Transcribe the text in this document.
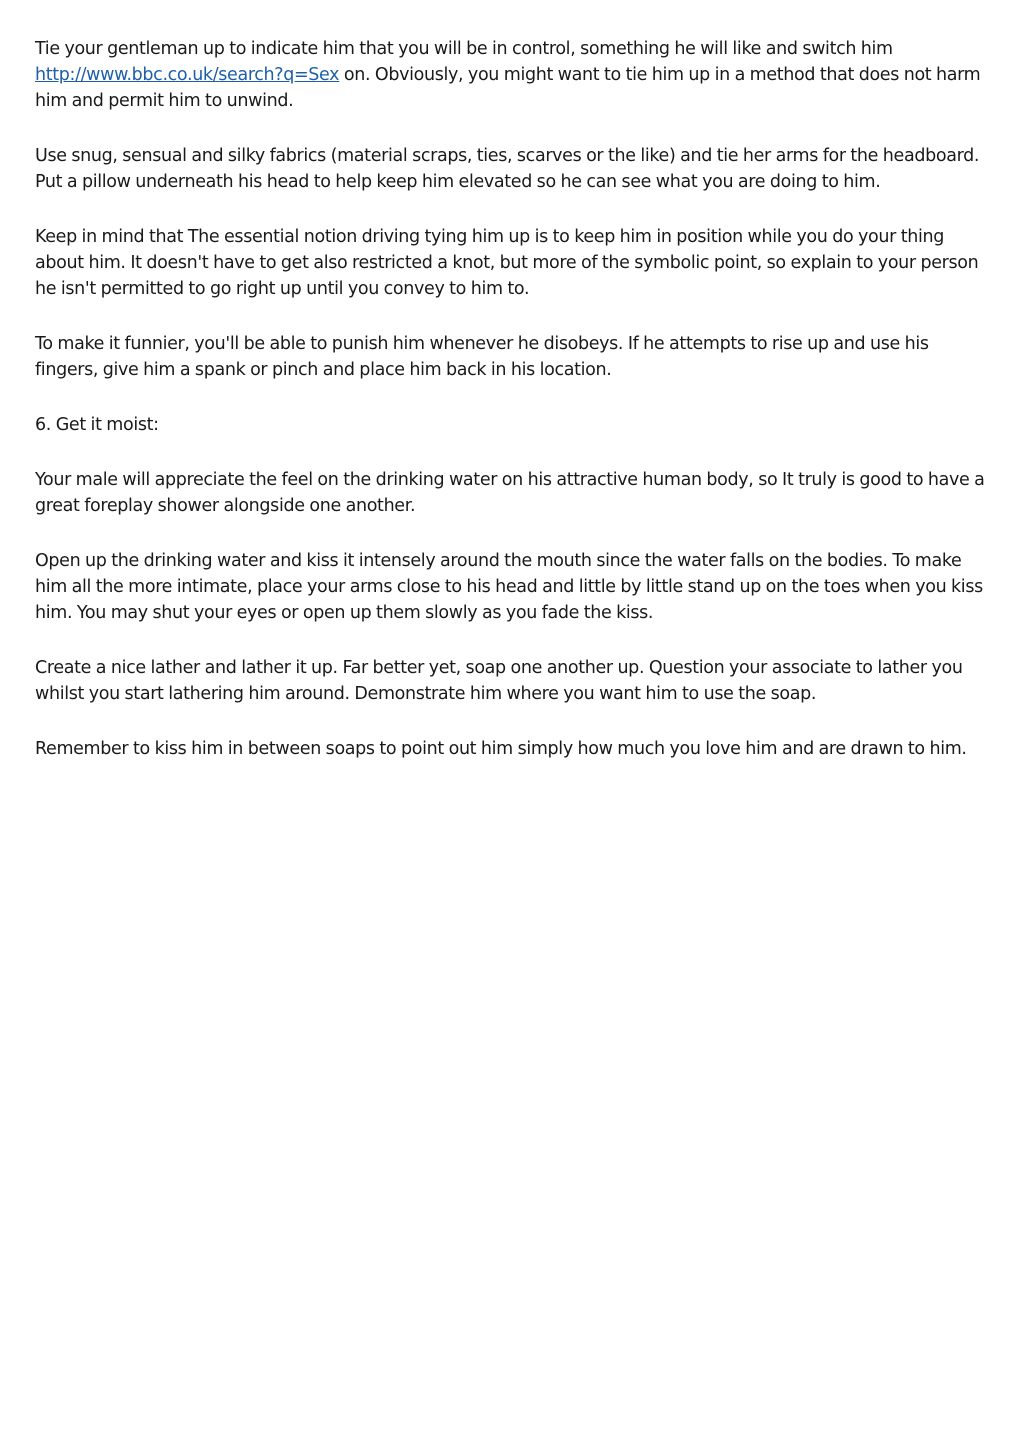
Tie your gentleman up to indicate him that you will be in control, something he will like and switch him http://www.bbc.co.uk/search?q=Sex on. Obviously, you might want to tie him up in a method that does not harm him and permit him to unwind.

Use snug, sensual and silky fabrics (material scraps, ties, scarves or the like) and tie her arms for the headboard. Put a pillow underneath his head to help keep him elevated so he can see what you are doing to him.

Keep in mind that The essential notion driving tying him up is to keep him in position while you do your thing about him. It doesn't have to get also restricted a knot, but more of the symbolic point, so explain to your person he isn't permitted to go right up until you convey to him to.

To make it funnier, you'll be able to punish him whenever he disobeys. If he attempts to rise up and use his fingers, give him a spank or pinch and place him back in his location.

6. Get it moist:

Your male will appreciate the feel on the drinking water on his attractive human body, so It truly is good to have a great foreplay shower alongside one another.

Open up the drinking water and kiss it intensely around the mouth since the water falls on the bodies. To make him all the more intimate, place your arms close to his head and little by little stand up on the toes when you kiss him. You may shut your eyes or open up them slowly as you fade the kiss.

Create a nice lather and lather it up. Far better yet, soap one another up. Question your associate to lather you whilst you start lathering him around. Demonstrate him where you want him to use the soap.

Remember to kiss him in between soaps to point out him simply how much you love him and are drawn to him.
